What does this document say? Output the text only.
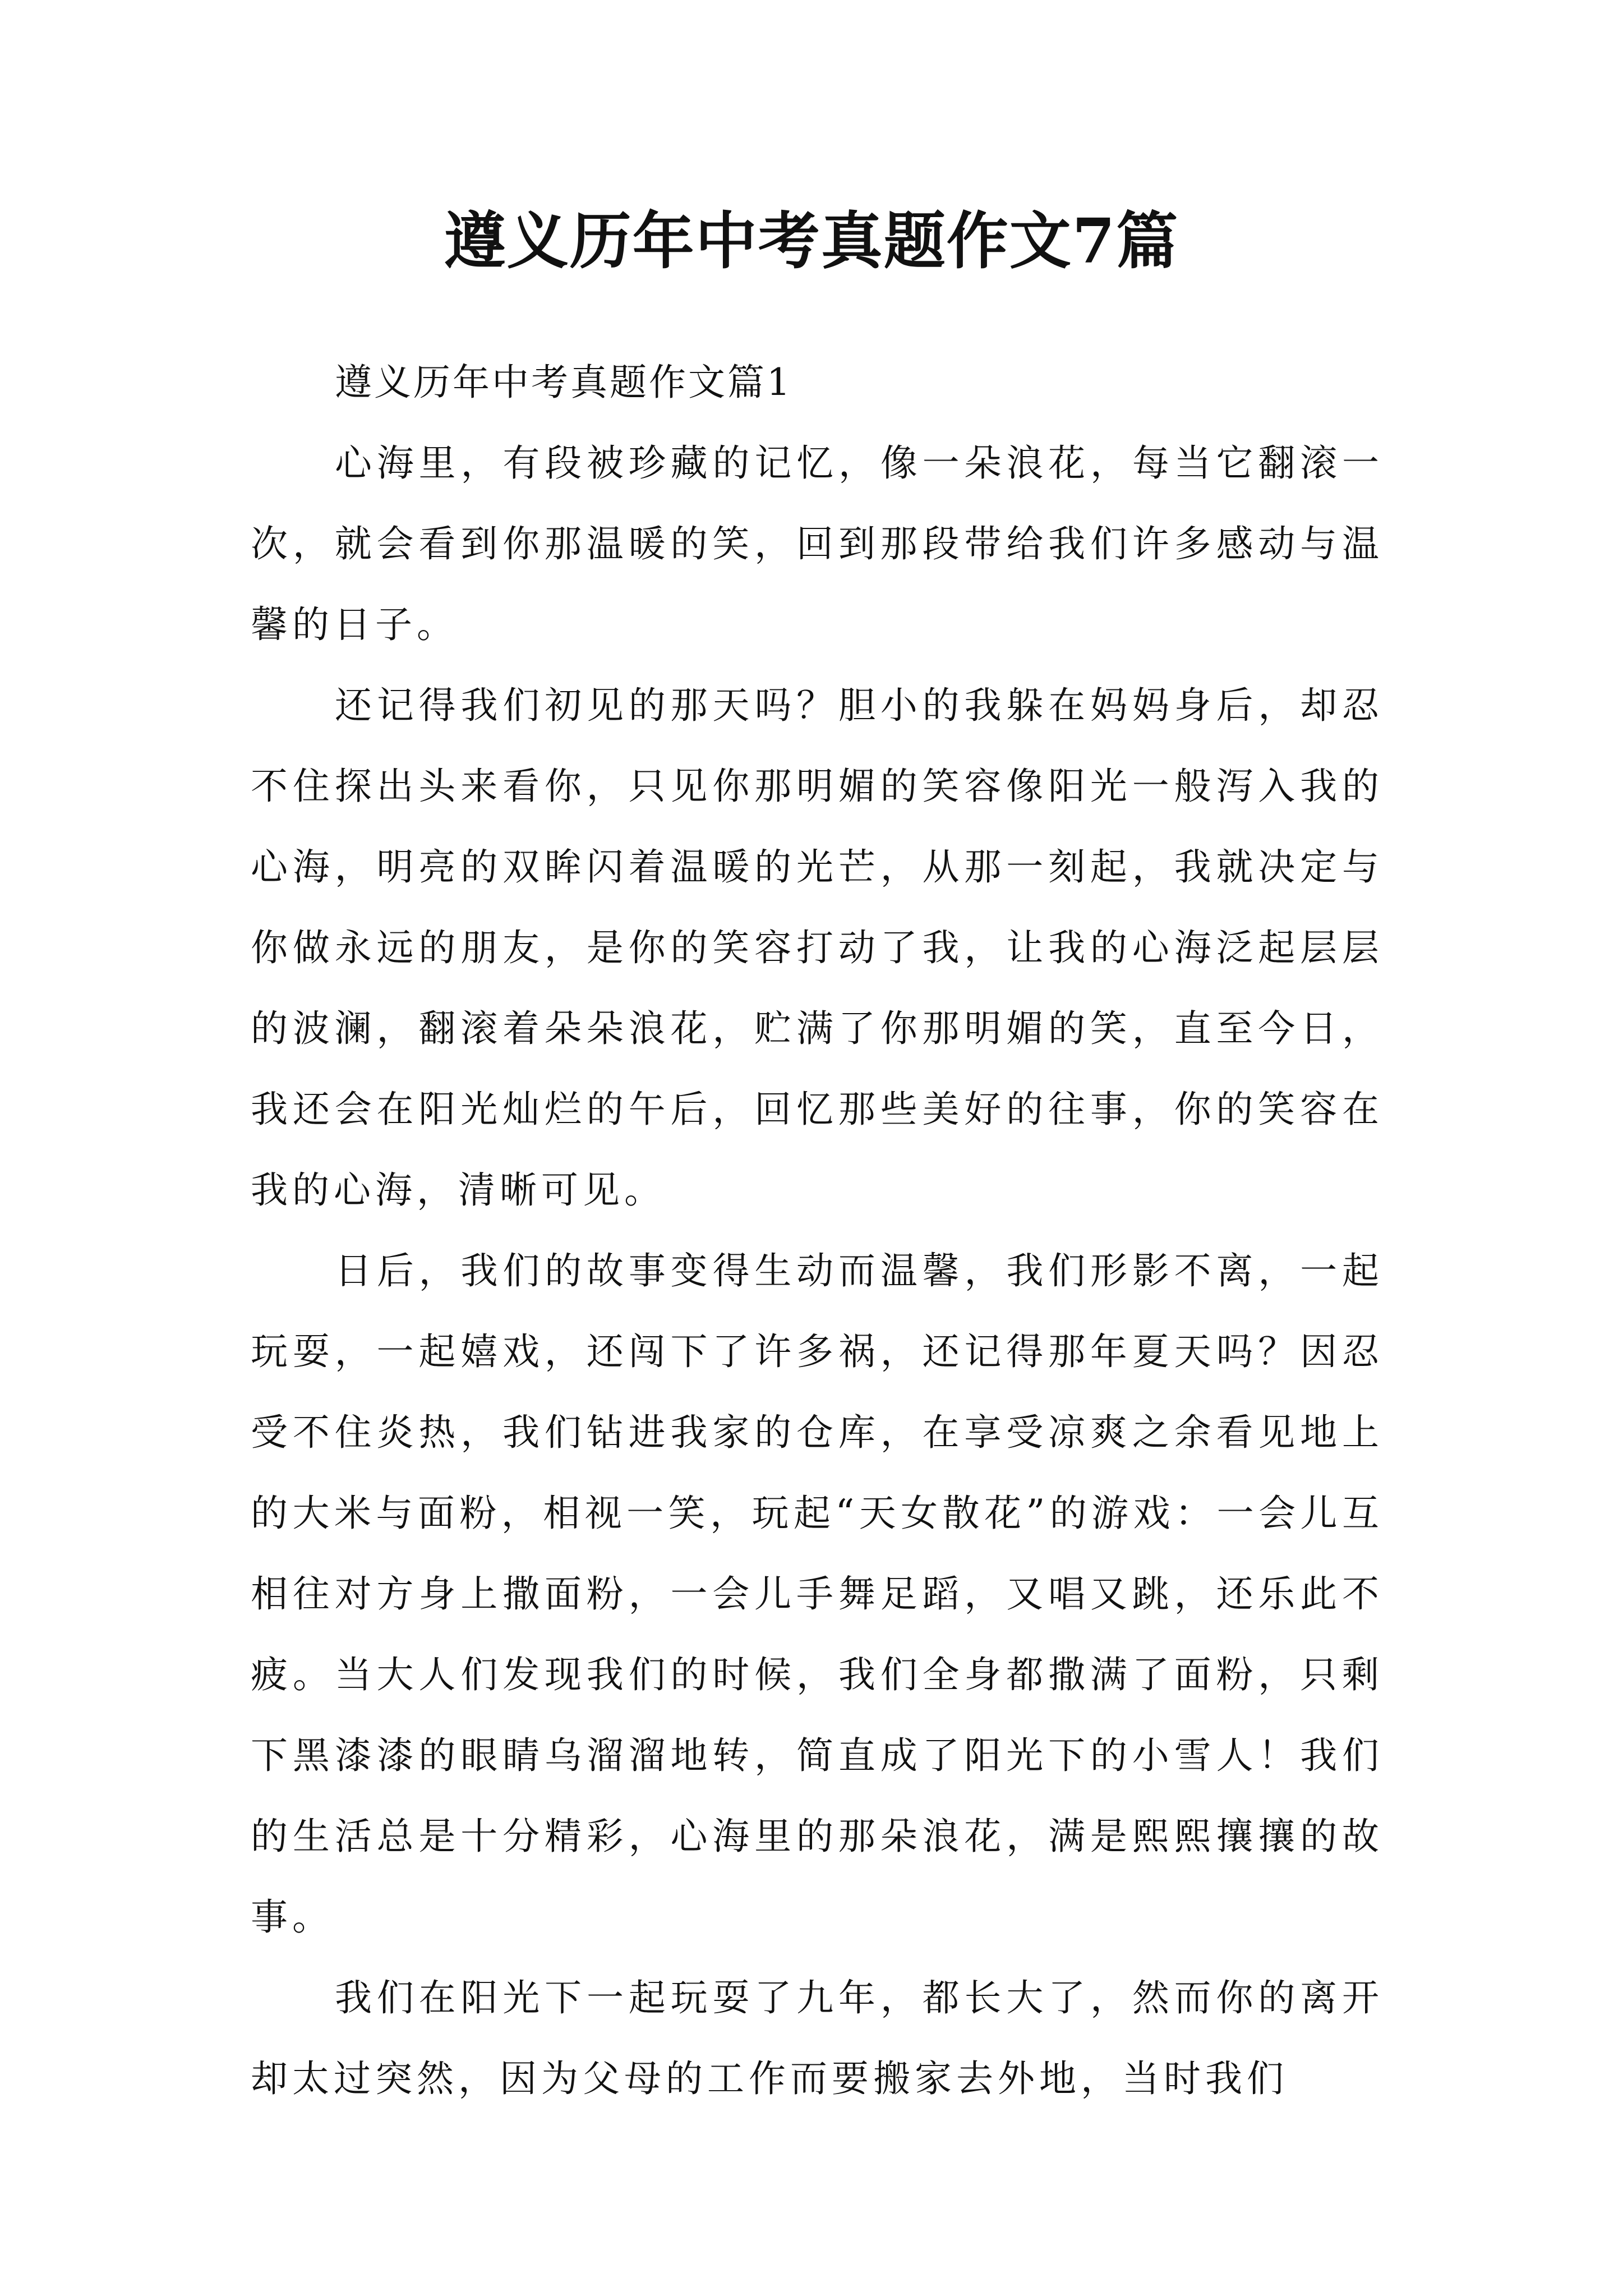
遵义历年中考真题作文7篇

遵义历年中考真题作文篇1

心海里，有段被珍藏的记忆，像一朵浪花，每当它翻滚一次，就会看到你那温暖的笑，回到那段带给我们许多感动与温馨的日子。

还记得我们初见的那天吗？胆小的我躲在妈妈身后，却忍不住探出头来看你，只见你那明媚的笑容像阳光一般泻入我的心海，明亮的双眸闪着温暖的光芒，从那一刻起，我就决定与你做永远的朋友，是你的笑容打动了我，让我的心海泛起层层的波澜，翻滚着朵朵浪花，贮满了你那明媚的笑，直至今日，我还会在阳光灿烂的午后，回忆那些美好的往事，你的笑容在我的心海，清晰可见。

日后，我们的故事变得生动而温馨，我们形影不离，一起玩耍，一起嬉戏，还闯下了许多祸，还记得那年夏天吗？因忍受不住炎热，我们钻进我家的仓库，在享受凉爽之余看见地上的大米与面粉，相视一笑，玩起“天女散花”的游戏：一会儿互相往对方身上撒面粉，一会儿手舞足蹈，又唱又跳，还乐此不疲。当大人们发现我们的时候，我们全身都撒满了面粉，只剩下黑漆漆的眼睛乌溜溜地转，简直成了阳光下的小雪人！我们的生活总是十分精彩，心海里的那朵浪花，满是熙熙攘攘的故事。

我们在阳光下一起玩耍了九年，都长大了，然而你的离开却太过突然，因为父母的工作而要搬家去外地，当时我们
